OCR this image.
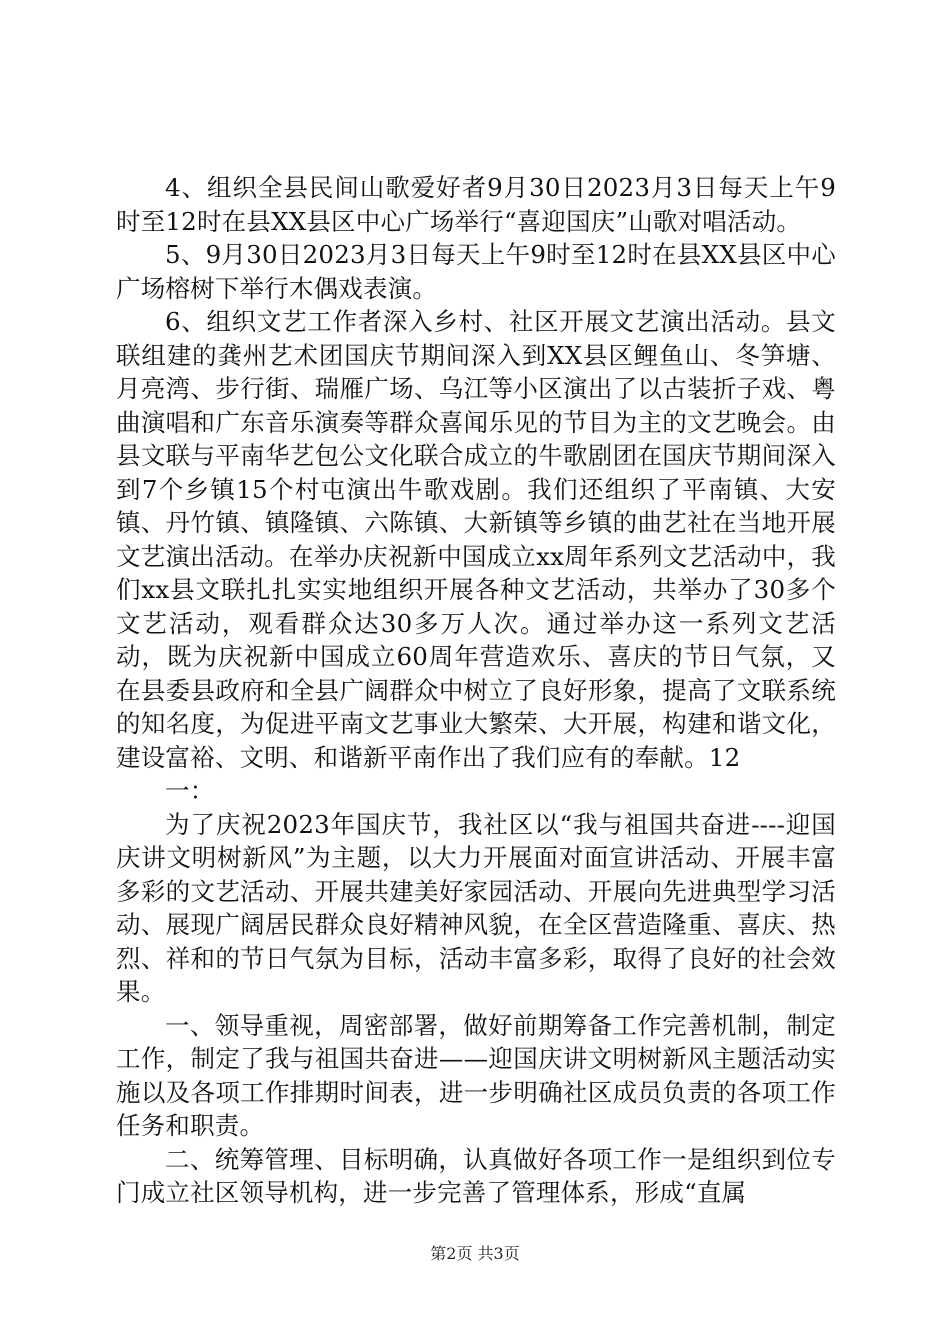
4、组织全县民间山歌爱好者9月30日2023月3日每天上午9时至12时在县XX县区中心广场举行“喜迎国庆”山歌对唱活动。

5、9月30日2023月3日每天上午9时至12时在县XX县区中心广场榕树下举行木偶戏表演。

6、组织文艺工作者深入乡村、社区开展文艺演出活动。县文联组建的龚州艺术团国庆节期间深入到XX县区鲤鱼山、冬笋塘、月亮湾、步行街、瑞雁广场、乌江等小区演出了以古装折子戏、粤曲演唱和广东音乐演奏等群众喜闻乐见的节目为主的文艺晚会。由县文联与平南华艺包公文化联合成立的牛歌剧团在国庆节期间深入到7个乡镇15个村屯演出牛歌戏剧。我们还组织了平南镇、大安镇、丹竹镇、镇隆镇、六陈镇、大新镇等乡镇的曲艺社在当地开展文艺演出活动。在举办庆祝新中国成立xx周年系列文艺活动中，我们xx县文联扎扎实实地组织开展各种文艺活动，共举办了30多个文艺活动，观看群众达30多万人次。通过举办这一系列文艺活动，既为庆祝新中国成立60周年营造欢乐、喜庆的节日气氛，又在县委县政府和全县广阔群众中树立了良好形象，提高了文联系统的知名度，为促进平南文艺事业大繁荣、大开展，构建和谐文化，建设富裕、文明、和谐新平南作出了我们应有的奉献。12

一：

为了庆祝2023年国庆节，我社区以“我与祖国共奋进----迎国庆讲文明树新风”为主题，以大力开展面对面宣讲活动、开展丰富多彩的文艺活动、开展共建美好家园活动、开展向先进典型学习活动、展现广阔居民群众良好精神风貌，在全区营造隆重、喜庆、热烈、祥和的节日气氛为目标，活动丰富多彩，取得了良好的社会效果。

一、领导重视，周密部署，做好前期筹备工作完善机制，制定工作，制定了我与祖国共奋进——迎国庆讲文明树新风主题活动实施以及各项工作排期时间表，进一步明确社区成员负责的各项工作任务和职责。

二、统筹管理、目标明确，认真做好各项工作一是组织到位专门成立社区领导机构，进一步完善了管理体系，形成“直属

第2页 共3页
